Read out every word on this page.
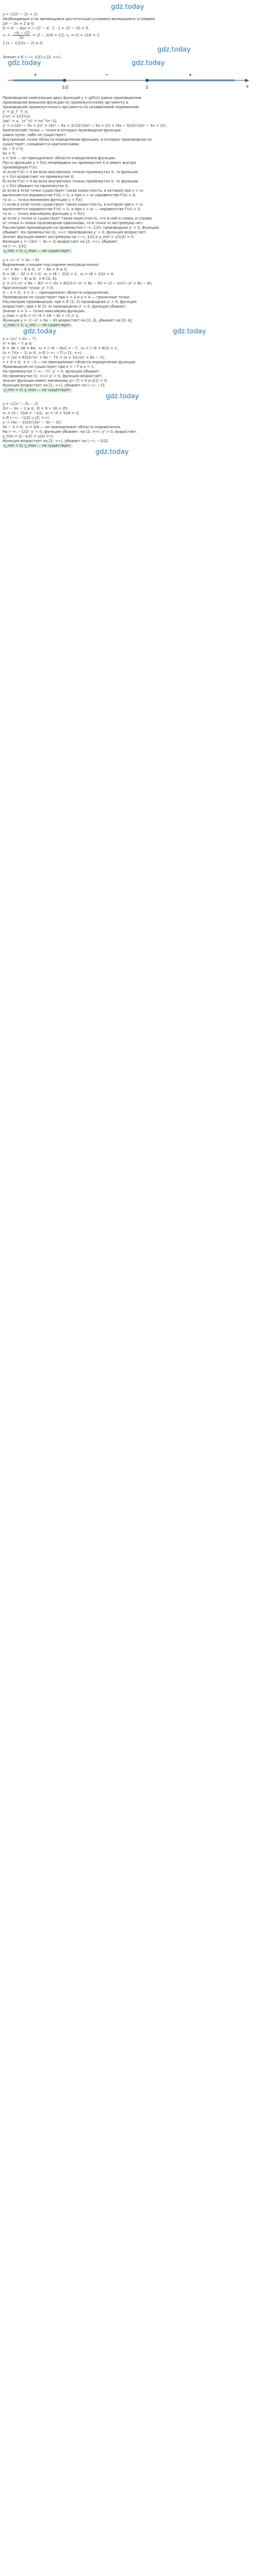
gdz.today
y = √(2t² − 5x + 2)
Необходимым и не являющимся достаточным условием являющимся условием
2x² − 5x + 2 ≥ 0;
D = b² − 4ac = (−5)² − 4 · 2 · 2 = 25 − 16 = 9,
$x_1 = \frac{-b - √D}{2a} = (5 - 3)/4 = 1/2$, x₂ = (5 + 3)/4 = 2;
2 (x − 1/2)(x − 2) ≥ 0;
gdz.today
Значит x ∈ (−∞; 1/2] ∪ [2; +∞).
gdz.today	gdz.today
1/2	2	x
+	−	+
Производная композиции двух функций y = g(f(x)) равна произведению
производной внешней функции по промежуточному аргументу и
производной промежуточного аргумента по независимой переменной:
y' = g'_f · f'_x;
(√u)' = 1/(2√u);
(ax)' = a,  (x^n)' = nx^(n−1);
y' = (√(2x² − 5x + 2))' = (2x² − 5x + 2)'/(2√(2x² − 5x + 2)) = (4x − 5)/(2√(2x² − 5x + 2));
Критические точки — точки в которых производная функции
равна нулю, либо не существует:
Внутренние точки области определения функции, в которых производная не
существует, называются критическими.
4x − 5 = 0;
4x = 5;
x = 5/4 — не принадлежит области определения функции.
Пусть функция y = f(x) непрерывна на промежутке X и имеет внутри
производную f'(x):
а) если f'(x) > 0 во всех внутренних точках промежутка X, то функция
y = f(x) возрастает на промежутке X;
б) если f'(x) < 0 во всех внутренних точках промежутка X, то функция
y = f(x) убывает на промежутке X;
в) если в этой точке существует такая окрестность, в которой при x < x₀
выполняется неравенство f'(x) < 0, а при x > x₀ неравенство f'(x) > 0,
то x₀ — точка минимума функции y = f(x);
г) если в этой точке существует такая окрестность, в которой при x < x₀
выполняется неравенство f'(x) > 0, а при x > x₀ — неравенство f'(x) < 0,
то x₀ — точка максимума функции y = f(x);
д) если у точки x₀ существует такая окрестность, что в ней и слева, и справа
от точки x₀ знаки производной одинаковы, то в точке x₀ экстремума нет;
Рассмотрим производную на промежутке (−∞; 1/2): производная y' < 0, Функция
убывает. На промежутке (2; +∞): производная y' > 0, функция возрастает.
Значит функция имеет экстремума на (−∞; 1/2] и y_min = y(1/2) = 0.
Функция y = √(2x² − 5x + 2) возрастает на [2; +∞), убывает
на (−∞; 1/2];
y_min = 0; y_max — не существует.
y = √(−x² + 6x − 8)
Выражение стоящее под корнем неотрицательно:
−x² + 6x − 8 ≥ 0;  x² − 6x + 8 ≤ 0;
D = 36 − 32 = 4 > 0;  x₁ = (6 − 2)/2 = 2,  x₂ = (6 + 2)/2 = 4;
(x − 2)(x − 4) ≤ 0;  x ∈ [2; 4].
y' = (√(−x² + 6x − 8))' = (−2x + 6)/(2√(−x² + 6x − 8)) = (3 − x)/√(−x² + 6x − 8);
Критические точки: y' = 0;
3 − x = 0;  x = 3 — принадлежит области определения.
Производная не существует при x = 2 и x = 4 — граничные точки.
Рассмотрим производную: при x ∈ (2; 3) производная y' > 0, функция
возрастает; при x ∈ (3; 4) производная y' < 0, функция убывает.
Значит x = 3 — точка максимума функции.
y_max = y(3) = √(−9 + 18 − 8) = √1 = 1;
Функция y = √(−x² + 6x − 8) возрастает на [2; 3], убывает на [3; 4];
y_max = 1; y_min — не существует.
gdz.today	gdz.today
y = √(x² + 6x − 7)
x² + 6x − 7 ≥ 0;
D = 36 + 28 = 64;  x₁ = (−6 − 8)/2 = −7,  x₂ = (−6 + 8)/2 = 1;
(x + 7)(x − 1) ≥ 0;  x ∈ (−∞; −7] ∪ [1; +∞).
y' = (2x + 6)/(2√(x² + 6x − 7)) = (x + 3)/√(x² + 6x − 7);
x + 3 = 0;  x = −3 — не принадлежит области определения функции.
Производная не существует при x = −7 и x = 1.
На промежутке (−∞; −7): y' < 0, функция убывает.
На промежутке (1; +∞): y' > 0, функция возрастает.
Значит функция имеет минимумы y(−7) = 0 и y(1) = 0.
Функция возрастает на [1; +∞), убывает на (−∞; −7];
y_min = 0; y_max — не существует.
gdz.today
y = √(2x² − 3x − 2)
2x² − 3x − 2 ≥ 0;  D = 9 + 16 = 25;
x₁ = (3 − 5)/4 = −1/2,  x₂ = (3 + 5)/4 = 2;
x ∈ (−∞; −1/2] ∪ [2; +∞).
y' = (4x − 3)/(2√(2x² − 3x − 2));
4x − 3 = 0;  x = 3/4 — не принадлежит области определения.
На (−∞; −1/2): y' < 0, функция убывает; на (2; +∞): y' > 0, возрастает.
y_min = y(−1/2) = y(2) = 0.
Функция возрастает на [2; +∞), убывает на (−∞; −1/2];
y_min = 0; y_max — не существует.
gdz.today
